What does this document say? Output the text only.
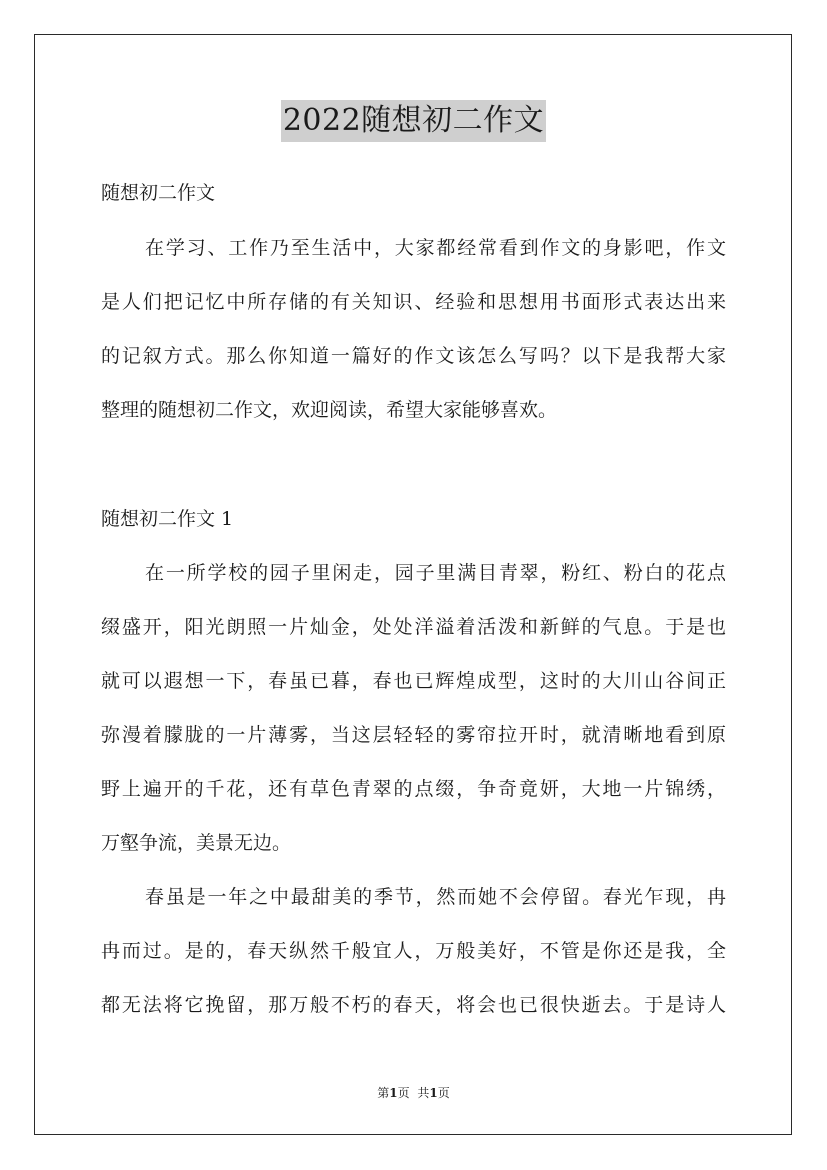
2022随想初二作文
随想初二作文
在学习、工作乃至生活中，大家都经常看到作文的身影吧，作文
是人们把记忆中所存储的有关知识、经验和思想用书面形式表达出来
的记叙方式。那么你知道一篇好的作文该怎么写吗？以下是我帮大家
整理的随想初二作文，欢迎阅读，希望大家能够喜欢。
随想初二作文 1
在一所学校的园子里闲走，园子里满目青翠，粉红、粉白的花点
缀盛开，阳光朗照一片灿金，处处洋溢着活泼和新鲜的气息。于是也
就可以遐想一下，春虽已暮，春也已辉煌成型，这时的大川山谷间正
弥漫着朦胧的一片薄雾，当这层轻轻的雾帘拉开时，就清晰地看到原
野上遍开的千花，还有草色青翠的点缀，争奇竟妍，大地一片锦绣，
万壑争流，美景无边。
春虽是一年之中最甜美的季节，然而她不会停留。春光乍现，冉
冉而过。是的，春天纵然千般宜人，万般美好，不管是你还是我，全
都无法将它挽留，那万般不朽的春天，将会也已很快逝去。于是诗人
第1页 共1页
